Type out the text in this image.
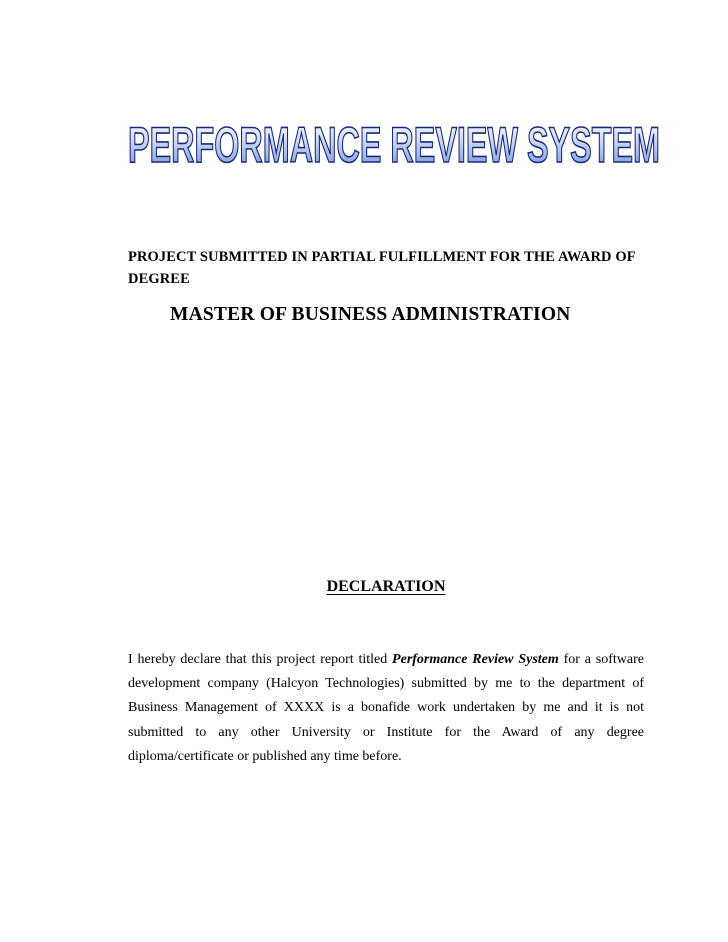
PERFORMANCE REVIEW SYSTEM
PROJECT SUBMITTED IN PARTIAL FULFILLMENT FOR THE AWARD OF DEGREE
MASTER OF BUSINESS ADMINISTRATION
DECLARATION
I hereby declare that this project report titled Performance Review System for a software development company (Halcyon Technologies) submitted by me to the department of Business Management of XXXX is a bonafide work undertaken by me and it is not submitted to any other University or Institute for the Award of any degree diploma/certificate or published any time before.
